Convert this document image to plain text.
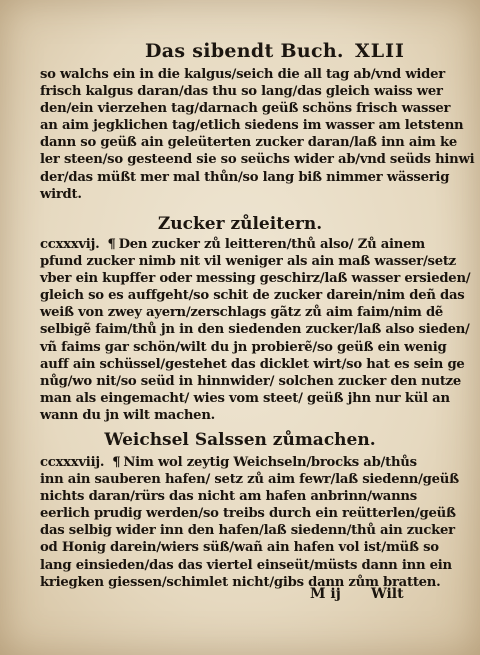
Das sibendt Buch. XLII
so walchs ein in die kalgus/seich die all tag ab/vnd wider
frisch kalgus daran/das thu so lang/das gleich waiss wer
den/ein vierzehen tag/darnach geüß schöns frisch wasser
an aim jegklichen tag/etlich siedens im wasser am letstenn
dann so geüß ain geleüterten zucker daran/laß inn aim ke
ler steen/so gesteend sie so seüchs wider ab/vnd seüds hinwi
der/das müßt mer mal thůn/so lang biß nimmer wässerig
wirdt.
Zucker zůleitern.
ccxxxvij. ¶ Den zucker zů leitteren/thů also/ Zů ainem
pfund zucker nimb nit vil weniger als ain maß wasser/setz
vber ein kupffer oder messing geschirz/laß wasser ersieden/
gleich so es auffgeht/so schit de zucker darein/nim deñ das
weiß von zwey ayern/zerschlags gãtz zů aim faim/nim dẽ
selbigẽ faim/thů jn in den siedenden zucker/laß also sieden/
vñ faims gar schön/wilt du jn probierẽ/so geüß ein wenig
auff ain schüssel/gestehet das dicklet wirt/so hat es sein ge
nůg/wo nit/so seüd in hinnwider/ solchen zucker den nutze
man als eingemacht/ wies vom steet/ geüß jhn nur kül an
wann du jn wilt machen.
Weichsel Salssen zůmachen.
ccxxxviij. ¶ Nim wol zeytig Weichseln/brocks ab/thůs
inn ain sauberen hafen/ setz zů aim fewr/laß siedenn/geüß
nichts daran/rürs das nicht am hafen anbrinn/wanns
eerlich prudig werden/so treibs durch ein reütterlen/geüß
das selbig wider inn den hafen/laß siedenn/thů ain zucker
od Honig darein/wiers süß/wañ ain hafen vol ist/müß so
lang einsieden/das das viertel einseüt/müsts dann inn ein
kriegken giessen/schimlet nicht/gibs dann zům bratten.
M ij Wilt
